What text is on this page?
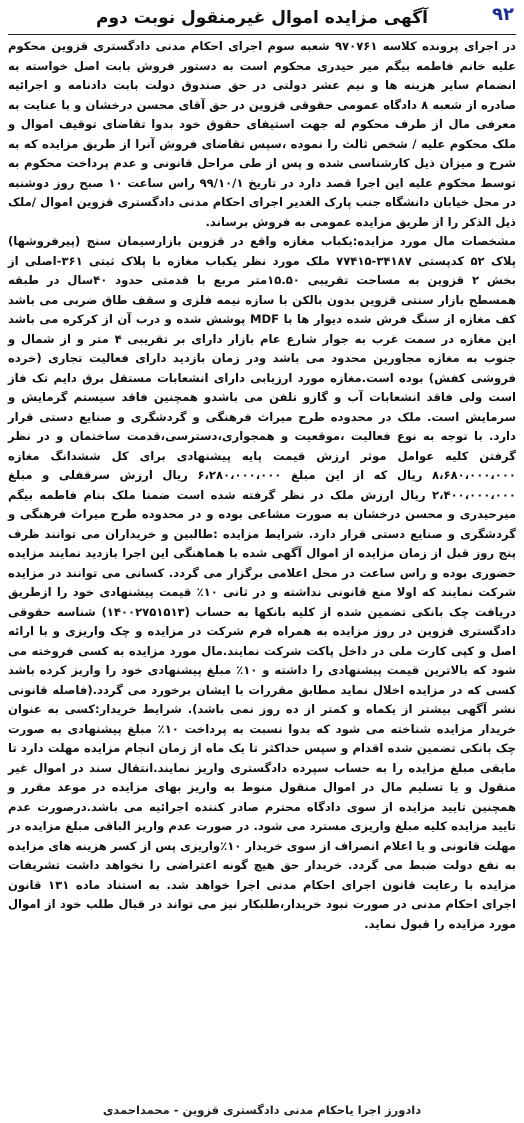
۹۲
آگهی مزایده اموال غیرمنقول نوبت دوم

در اجرای پرونده کلاسه ۹۷۰۷۶۱ شعبه سوم اجرای احکام مدنی دادگستری قزوین محکوم علیه خانم فاطمه بیگم میر حیدری محکوم است به دستور فروش بابت اصل خواسته به انضمام سایر هزینه ها و نیم عشر دولتی در حق صندوق دولت بابت دادنامه و اجرائیه صادره از شعبه ۸ دادگاه عمومی حقوقی قزوین در حق آقای محسن درخشان و با عنایت به معرفی مال از طرف محکوم له جهت استیفای حقوق خود بدوا تقاضای توقیف اموال و ملک محکوم علیه / شخص ثالث را نموده ،سپس تقاضای فروش آنرا از طریق مزایده که به شرح و میزان ذیل کارشناسی شده و پس از طی مراحل قانونی و عدم پرداخت محکوم به توسط محکوم علیه این اجرا قصد دارد در تاریخ ۹۹/۱۰/۱ راس ساعت ۱۰ صبح روز دوشنبه در محل خیابان دانشگاه جنب پارک الغدیر اجرای احکام مدنی دادگستری قزوین اموال /ملک ذیل الذکر را از طریق مزایده عمومی به فروش برساند.

مشخصات مال مورد مزایده:یکباب مغازه واقع در قزوین بازارسیمان سنج (پیرفروشها) پلاک ۵۲ کدپستی ۳۴۱۸۷-۷۷۴۱۵ ملک مورد نظر یکباب مغازه با پلاک ثبتی ۳۶۱-اصلی از بخش ۲ قزوین به مساحت تقریبی ۱۵.۵۰متر مربع با قدمتی حدود ۴۰سال در طبقه همسطح بازار سنتی قزوین بدون بالکن با سازه نیمه فلزی و سقف طاق ضربی می باشد کف مغازه از سنگ فرش شده دیوار ها با MDF پوشش شده و درب آن از کرکره می باشد این مغازه در سمت غرب به جوار شارع عام بازار دارای بر تقریبی ۴ متر و از شمال و جنوب به مغازه مجاورین محدود می باشد ودر زمان بازدید دارای فعالیت تجاری (خرده فروشی کفش) بوده است.مغازه مورد ارزیابی دارای انشعابات مستقل برق دایم تک فاز است ولی فاقد انشعابات آب و گازو تلفن می باشدو همچنین فاقد سیستم گرمایش و سرمایش است. ملک در محدوده طرح میراث فرهنگی و گردشگری و صنایع دستی قرار دارد. با توجه به نوع فعالیت ،موقعیت و همجواری،دسترسی،قدمت ساختمان و در نظر گرفتن کلیه عوامل موثر ارزش قیمت پایه پیشنهادی برای کل ششدانگ مغازه ۸،۶۸۰،۰۰۰،۰۰۰ ریال که از این مبلغ ۶،۲۸۰،۰۰۰،۰۰۰ ریال ارزش سرقفلی و مبلغ ۲،۴۰۰،۰۰۰،۰۰۰ ریال ارزش ملک در نظر گرفته شده است ضمنا ملک بنام فاطمه بیگم میرحیدری و محسن درخشان به صورت مشاعی بوده و در محدوده طرح میراث فرهنگی و گردشگری و صنایع دستی قرار دارد. شرایط مزایده :طالبین و خریداران می توانند ظرف پنج روز قبل از زمان مزایده از اموال آگهی شده با هماهنگی این اجرا بازدید نمایند مزایده حضوری بوده و راس ساعت در محل اعلامی برگزار می گردد. کسانی می توانند در مزایده شرکت نمایند که اولا منع قانونی نداشته و در ثانی ۱۰٪ قیمت پیشنهادی خود را ازطریق دریافت چک بانکی تضمین شده از کلیه بانکها به حساب (۱۴۰۰۲۷۵۱۵۱۳) شناسه حقوقی دادگستری قزوین در روز مزایده به همراه فرم شرکت در مزایده و چک واریزی و با ارائه اصل و کپی کارت ملی در داخل پاکت شرکت نمایند.مال مورد مزایده به کسی فروخته می شود که بالاترین قیمت پیشنهادی را داشته و ۱۰٪ مبلغ پیشنهادی خود را واریز کرده باشد کسی که در مزایده اخلال نماید مطابق مقررات با ایشان برخورد می گردد.(فاصله قانونی نشر آگهی بیشتر از یکماه و کمتر از ده روز نمی باشد). شرایط خریدار:کسی به عنوان خریدار مزایده شناخته می شود که بدوا نسبت به پرداخت ۱۰٪ مبلغ پیشنهادی به صورت چک بانکی تضمین شده اقدام و سپس حداکثر تا یک ماه از زمان انجام مزایده مهلت دارد تا مابقی مبلغ مزایده را به حساب سپرده دادگستری واریز نمایند.انتقال سند در اموال غیر منقول و یا تسلیم مال در اموال منقول منوط به واریز بهای مزایده در موعد مقرر و همچنین تایید مزایده از سوی دادگاه محترم صادر کننده اجرائیه می باشد.درصورت عدم تایید مزایده کلیه مبلغ واریزی مسترد می شود. در صورت عدم واریز الباقی مبلغ مزایده در مهلت قانونی و یا اعلام انصراف از سوی خریدار ۱۰٪واریزی پس از کسر هزینه های مزایده به نفع دولت ضبط می گردد. خریدار حق هیچ گونه اعتراضی را نخواهد داشت تشریفات مزایده با رعایت قانون اجرای احکام مدنی اجرا خواهد شد. به استناد ماده ۱۳۱ قانون اجرای احکام مدنی در صورت نبود خریدار،طلبکار نیز می تواند در قبال طلب خود از اموال مورد مزایده را قبول نماید.

دادورز اجرا یاحکام مدنی دادگستری قزوین - محمداحمدی
